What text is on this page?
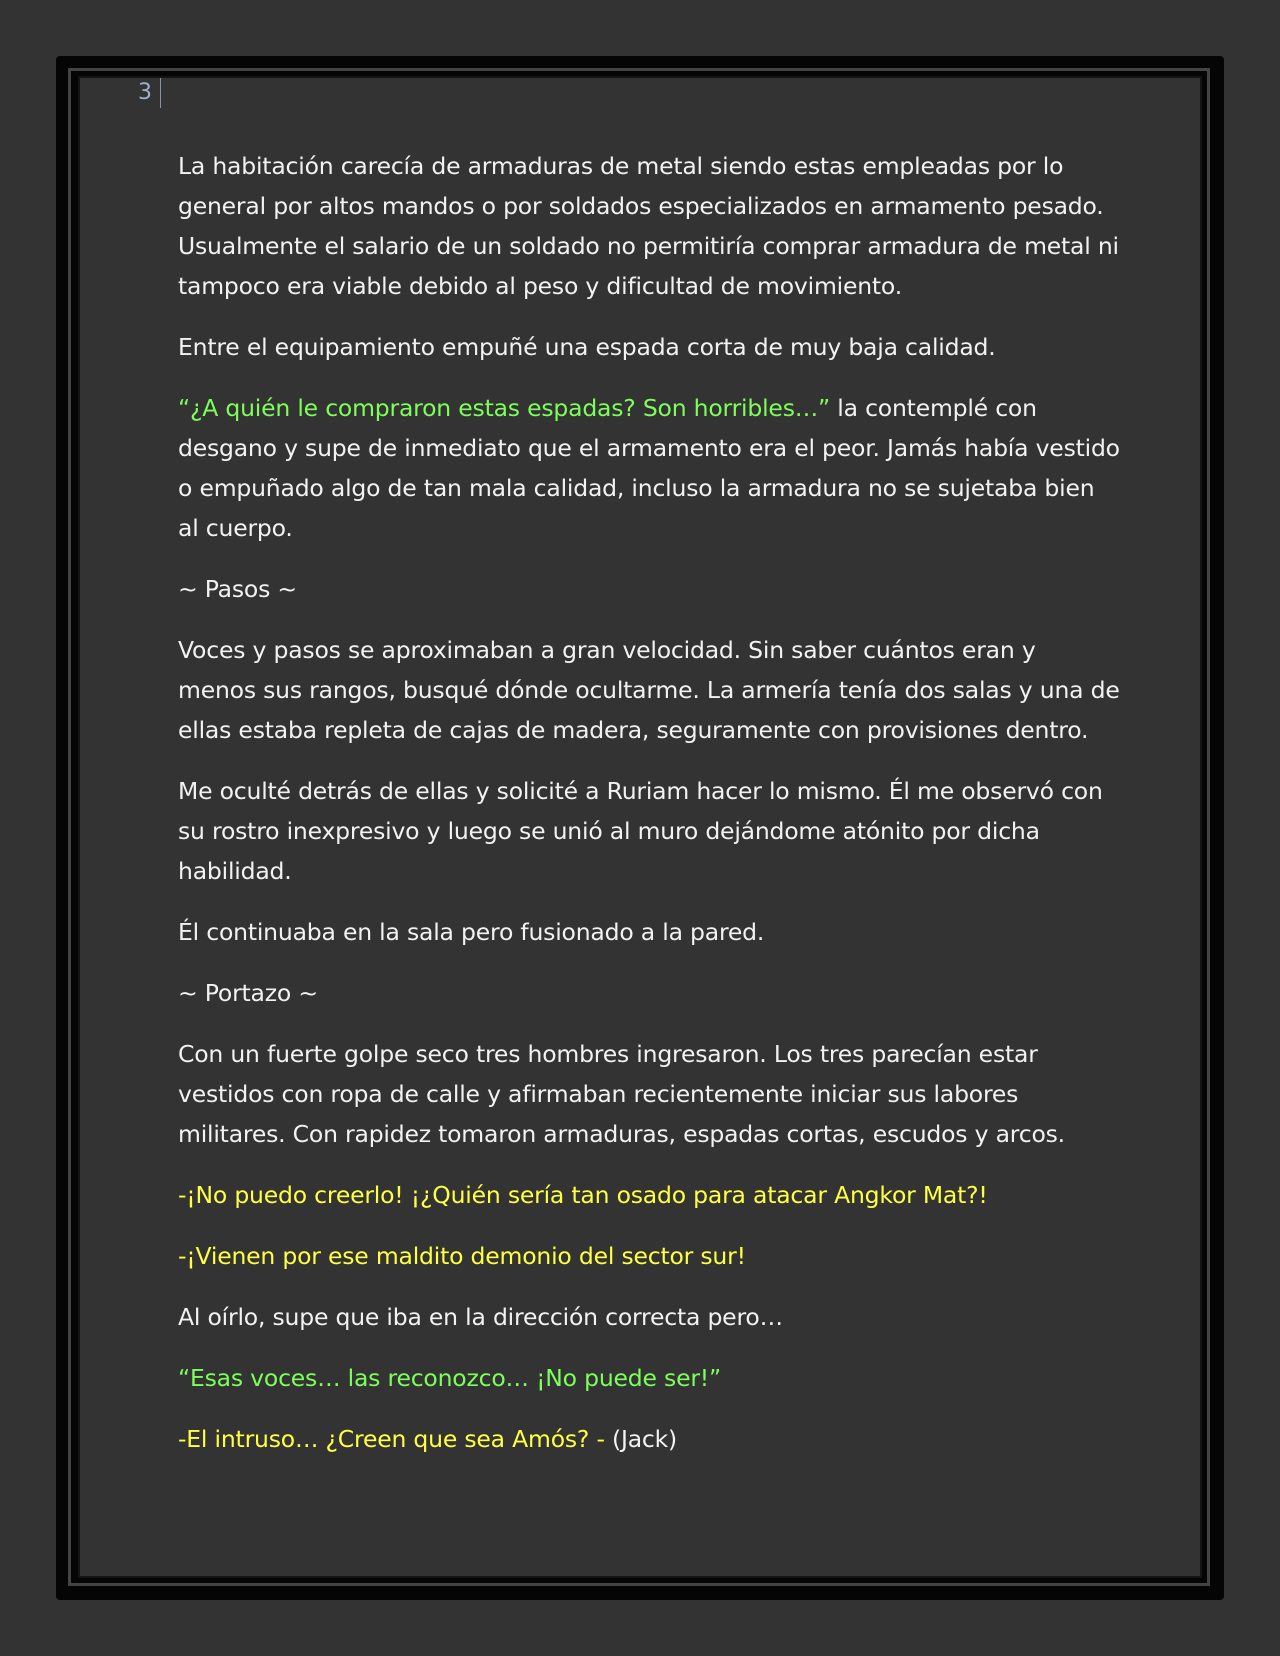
3

La habitación carecía de armaduras de metal siendo estas empleadas por lo general por altos mandos o por soldados especializados en armamento pesado. Usualmente el salario de un soldado no permitiría comprar armadura de metal ni tampoco era viable debido al peso y dificultad de movimiento.

Entre el equipamiento empuñé una espada corta de muy baja calidad.

“¿A quién le compraron estas espadas? Son horribles…” la contemplé con desgano y supe de inmediato que el armamento era el peor. Jamás había vestido o empuñado algo de tan mala calidad, incluso la armadura no se sujetaba bien al cuerpo.

~ Pasos ~

Voces y pasos se aproximaban a gran velocidad. Sin saber cuántos eran y menos sus rangos, busqué dónde ocultarme. La armería tenía dos salas y una de ellas estaba repleta de cajas de madera, seguramente con provisiones dentro.

Me oculté detrás de ellas y solicité a Ruriam hacer lo mismo. Él me observó con su rostro inexpresivo y luego se unió al muro dejándome atónito por dicha habilidad.

Él continuaba en la sala pero fusionado a la pared.

~ Portazo ~

Con un fuerte golpe seco tres hombres ingresaron. Los tres parecían estar vestidos con ropa de calle y afirmaban recientemente iniciar sus labores militares. Con rapidez tomaron armaduras, espadas cortas, escudos y arcos.

-¡No puedo creerlo! ¡¿Quién sería tan osado para atacar Angkor Mat?!

-¡Vienen por ese maldito demonio del sector sur!

Al oírlo, supe que iba en la dirección correcta pero…

“Esas voces… las reconozco… ¡No puede ser!”

-El intruso… ¿Creen que sea Amós? - (Jack)
